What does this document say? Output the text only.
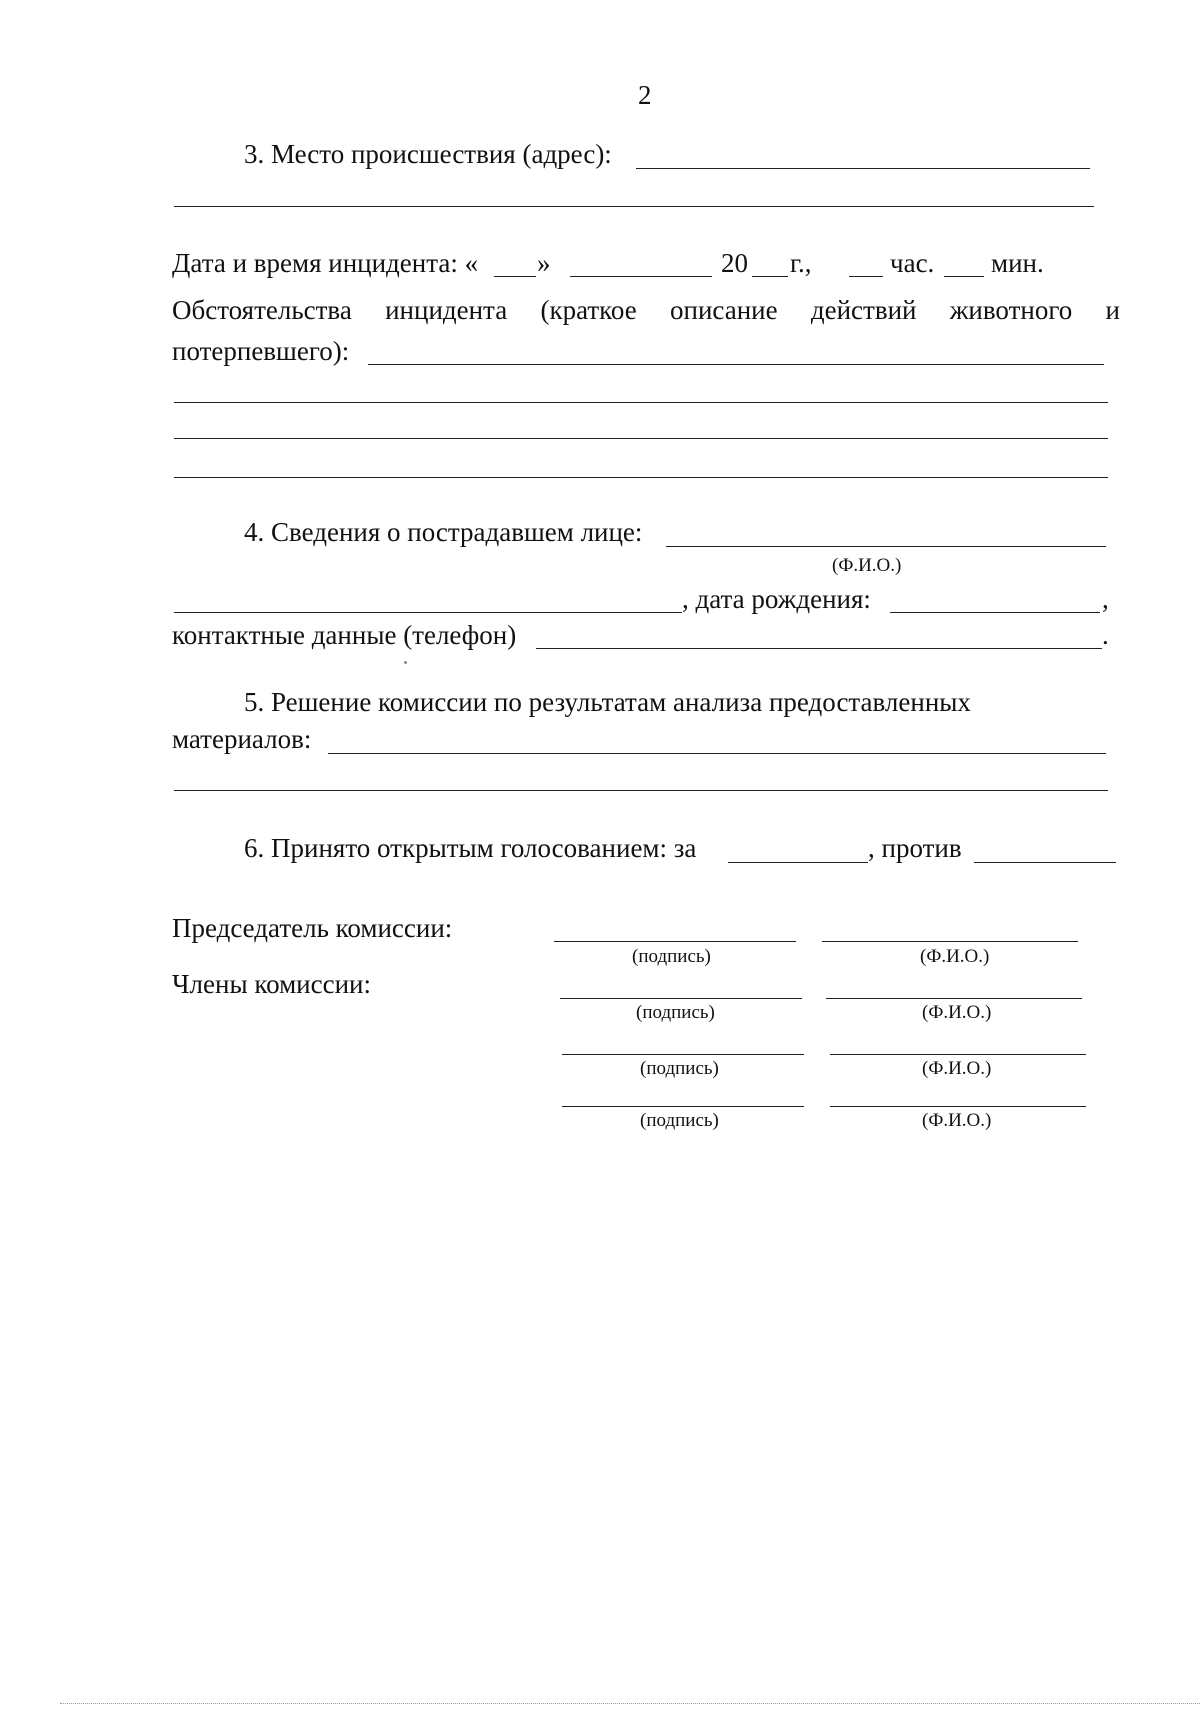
2
3. Место происшествия (адрес):
Дата и время инцидента: « »	20 г.,	час. мин.
Обстоятельства инцидента (краткое описание действий животного и
потерпевшего):
4. Сведения о пострадавшем лице:
(Ф.И.О.)
, дата рождения:	,
контактные данные (телефон)	.
5. Решение комиссии по результатам анализа предоставленных
материалов:
6. Принято открытым голосованием: за	, против
Председатель комиссии:
(подпись)	(Ф.И.О.)
Члены комиссии:
(подпись)	(Ф.И.О.)
(подпись)	(Ф.И.О.)
(подпись)	(Ф.И.О.)
